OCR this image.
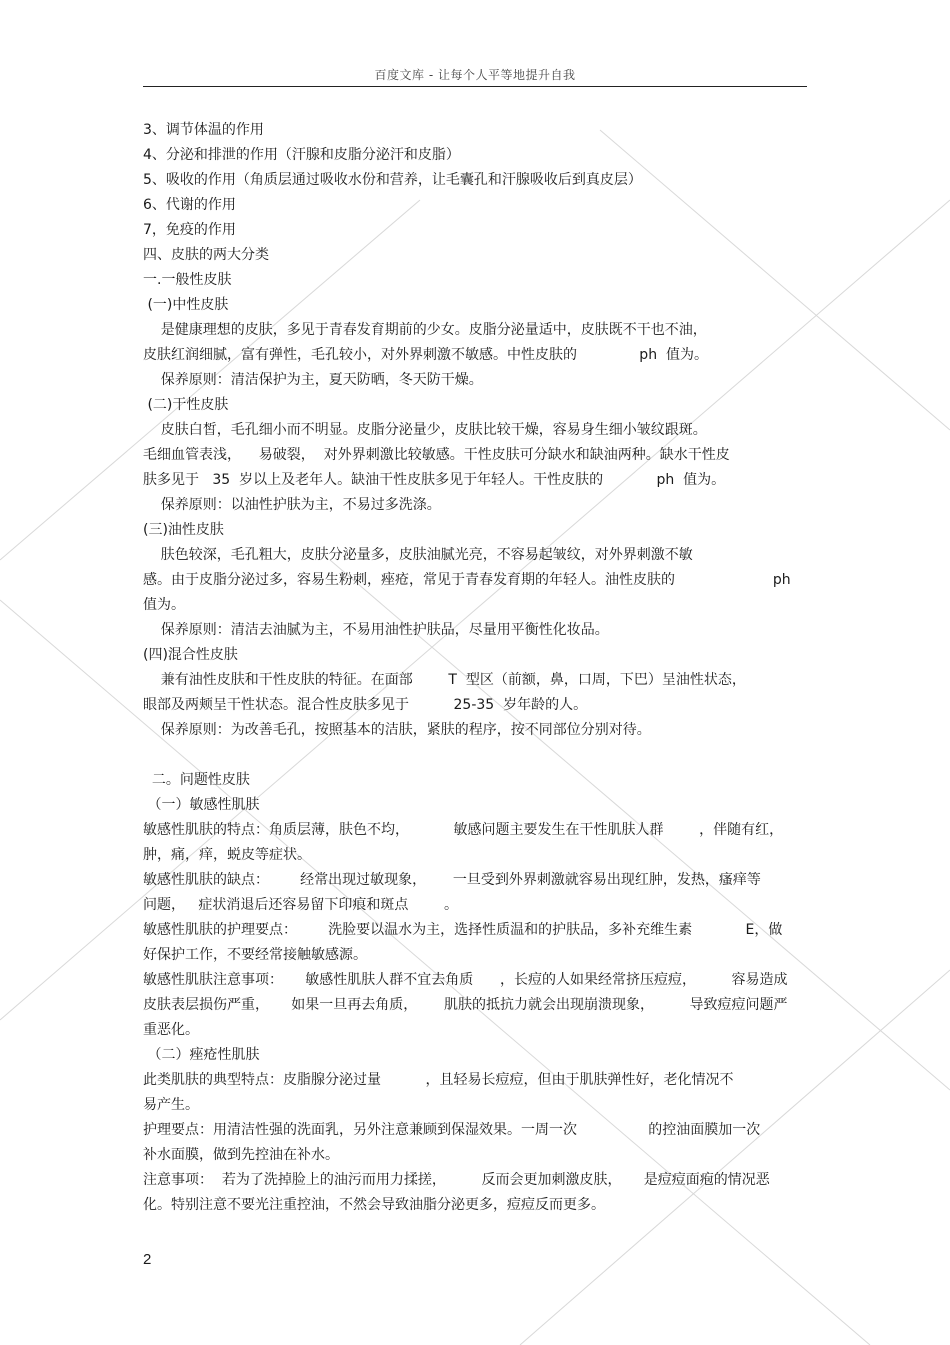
百度文库 - 让每个人平等地提升自我
3、调节体温的作用
4、分泌和排泄的作用（汗腺和皮脂分泌汗和皮脂）
5、吸收的作用（角质层通过吸收水份和营养，让毛囊孔和汗腺吸收后到真皮层）
6、代谢的作用
7，免疫的作用
四、皮肤的两大分类
一.一般性皮肤
(一)中性皮肤
是健康理想的皮肤，多见于青春发育期前的少女。皮脂分泌量适中，皮肤既不干也不油，
皮肤红润细腻，富有弹性，毛孔较小，对外界刺激不敏感。中性皮肤的              ph  值为。
保养原则：清洁保护为主，夏天防晒，冬天防干燥。
(二)干性皮肤
皮肤白皙，毛孔细小而不明显。皮脂分泌量少，皮肤比较干燥，容易身生细小皱纹跟斑。
毛细血管表浅，    易破裂，  对外界刺激比较敏感。干性皮肤可分缺水和缺油两种。缺水干性皮
肤多见于   35  岁以上及老年人。缺油干性皮肤多见于年轻人。干性皮肤的            ph  值为。
保养原则：以油性护肤为主，不易过多洗涤。
(三)油性皮肤
肤色较深，毛孔粗大，皮肤分泌量多，皮肤油腻光亮，不容易起皱纹，对外界刺激不敏
感。由于皮脂分泌过多，容易生粉刺，痤疮，常见于青春发育期的年轻人。油性皮肤的                      ph
值为。
保养原则：清洁去油腻为主，不易用油性护肤品，尽量用平衡性化妆品。
(四)混合性皮肤
兼有油性皮肤和干性皮肤的特征。在面部        T  型区（前额，鼻，口周，下巴）呈油性状态，
眼部及两颊呈干性状态。混合性皮肤多见于          25-35  岁年龄的人。
保养原则：为改善毛孔，按照基本的洁肤，紧肤的程序，按不同部位分别对待。
二。问题性皮肤
（一）敏感性肌肤
敏感性肌肤的特点：角质层薄，肤色不均，          敏感问题主要发生在干性肌肤人群        ，伴随有红，
肿，痛，痒，蜕皮等症状。
敏感性肌肤的缺点：       经常出现过敏现象，      一旦受到外界刺激就容易出现红肿，发热，瘙痒等
问题，   症状消退后还容易留下印痕和斑点        。
敏感性肌肤的护理要点：       洗脸要以温水为主，选择性质温和的护肤品，多补充维生素            E，做
好保护工作，不要经常接触敏感源。
敏感性肌肤注意事项：     敏感性肌肤人群不宜去角质      ，长痘的人如果经常挤压痘痘，        容易造成
皮肤表层损伤严重，     如果一旦再去角质，      肌肤的抵抗力就会出现崩溃现象，        导致痘痘问题严
重恶化。
（二）痤疮性肌肤
此类肌肤的典型特点：皮脂腺分泌过量          ，且轻易长痘痘，但由于肌肤弹性好，老化情况不
易产生。
护理要点：用清洁性强的洗面乳，另外注意兼顾到保湿效果。一周一次                的控油面膜加一次
补水面膜，做到先控油在补水。
注意事项：  若为了洗掉脸上的油污而用力揉搓，        反而会更加刺激皮肤，     是痘痘面疱的情况恶
化。特别注意不要光注重控油，不然会导致油脂分泌更多，痘痘反而更多。
2
